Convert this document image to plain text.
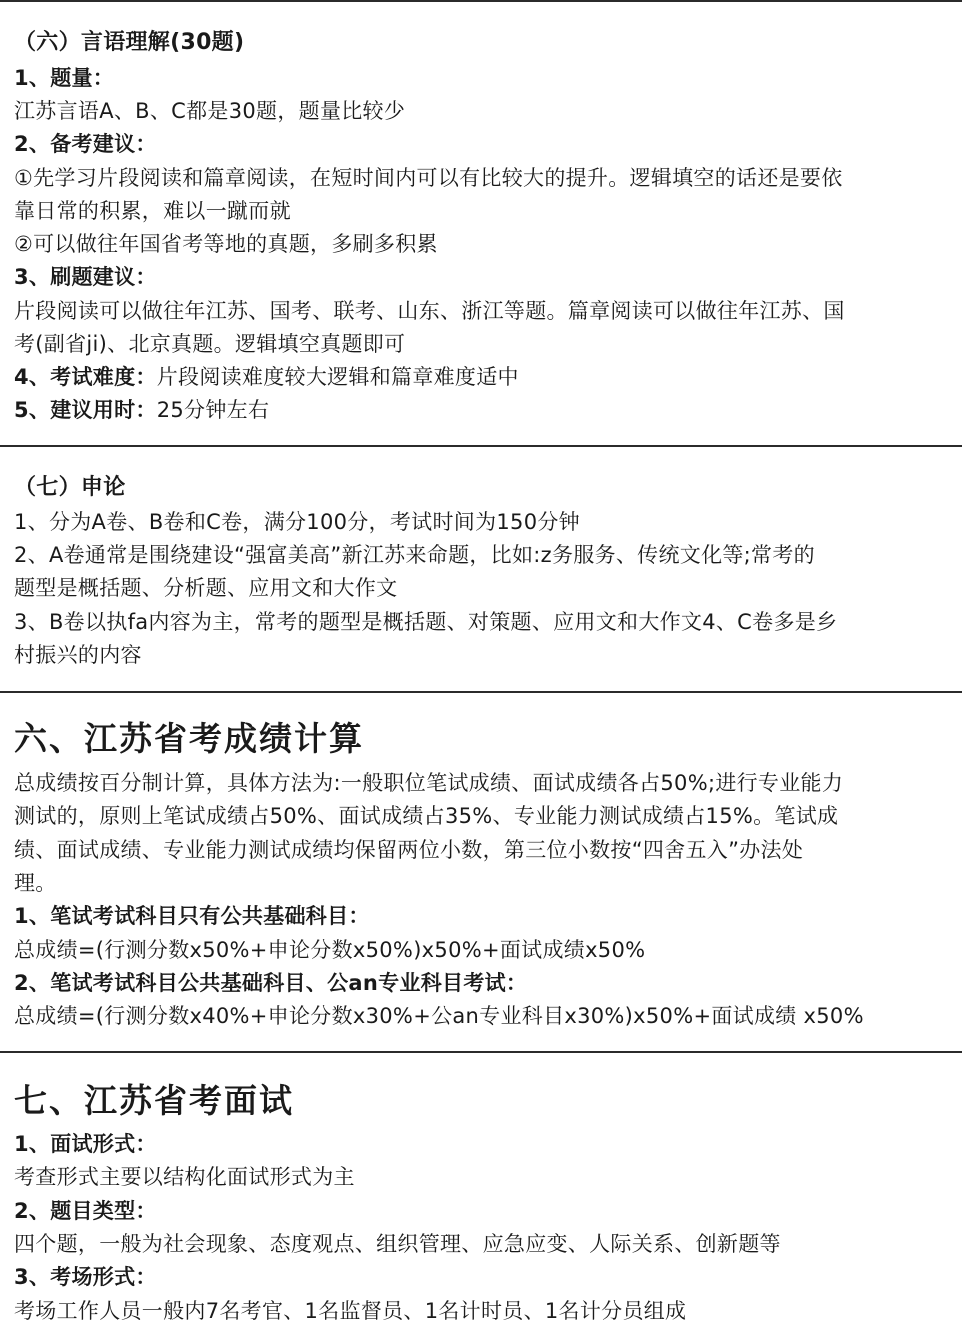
（六）言语理解(30题)
1、题量：
江苏言语A、B、C都是30题，题量比较少
2、备考建议：
①先学习片段阅读和篇章阅读，在短时间内可以有比较大的提升。逻辑填空的话还是要依
靠日常的积累，难以一蹴而就
②可以做往年国省考等地的真题，多刷多积累
3、刷题建议：
片段阅读可以做往年江苏、国考、联考、山东、浙江等题。篇章阅读可以做往年江苏、国
考(副省ji)、北京真题。逻辑填空真题即可
4、考试难度：片段阅读难度较大逻辑和篇章难度适中
5、建议用时：25分钟左右
（七）申论
1、分为A卷、B卷和C卷，满分100分，考试时间为150分钟
2、A卷通常是围绕建设“强富美高”新江苏来命题，比如:z务服务、传统文化等;常考的
题型是概括题、分析题、应用文和大作文
3、B卷以执fa内容为主，常考的题型是概括题、对策题、应用文和大作文4、C卷多是乡
村振兴的内容
六、江苏省考成绩计算
总成绩按百分制计算，具体方法为:一般职位笔试成绩、面试成绩各占50%;进行专业能力
测试的，原则上笔试成绩占50%、面试成绩占35%、专业能力测试成绩占15%。笔试成
绩、面试成绩、专业能力测试成绩均保留两位小数，第三位小数按“四舍五入”办法处
理。
1、笔试考试科目只有公共基础科目：
总成绩=(行测分数x50%+申论分数x50%)x50%+面试成绩x50%
2、笔试考试科目公共基础科目、公an专业科目考试：
总成绩=(行测分数x40%+申论分数x30%+公an专业科目x30%)x50%+面试成绩 x50%
七、江苏省考面试
1、面试形式：
考查形式主要以结构化面试形式为主
2、题目类型：
四个题，一般为社会现象、态度观点、组织管理、应急应变、人际关系、创新题等
3、考场形式：
考场工作人员一般内7名考官、1名监督员、1名计时员、1名计分员组成
